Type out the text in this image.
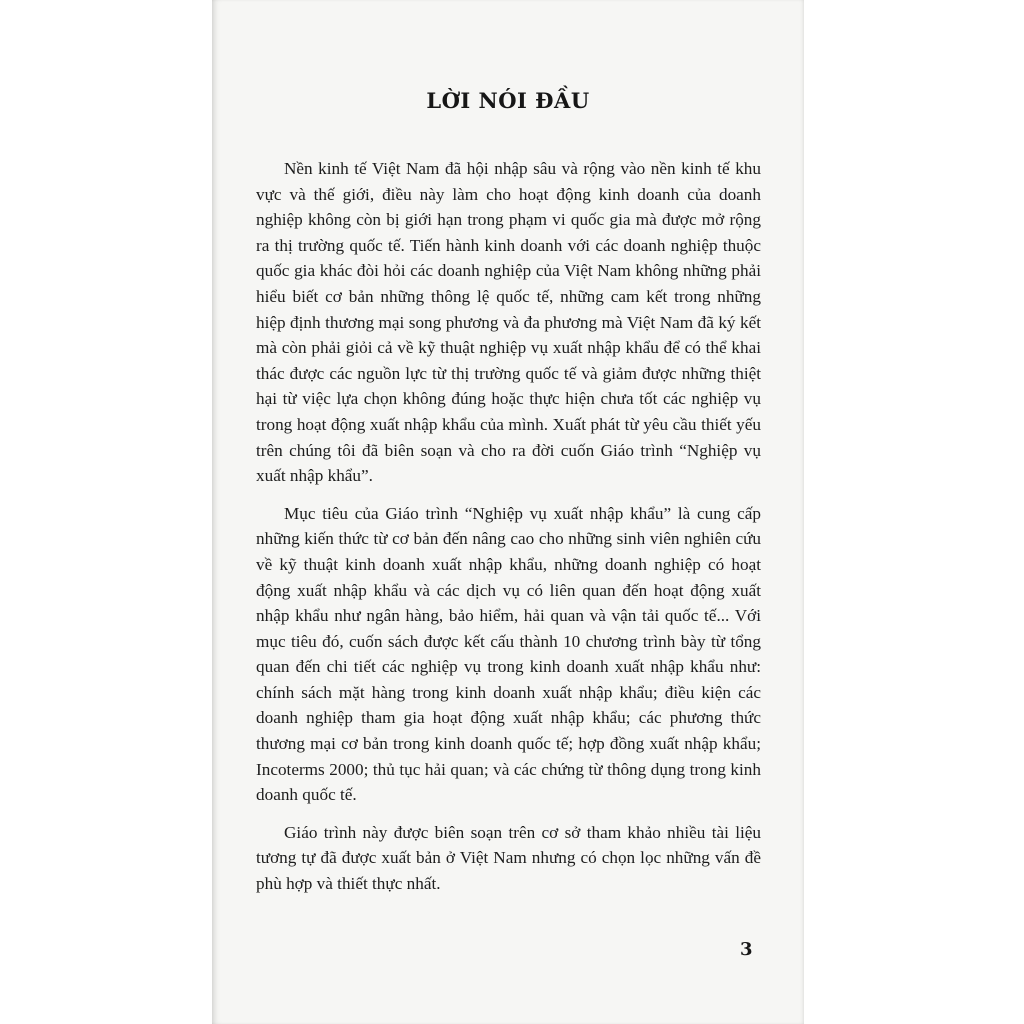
LỜI NÓI ĐẦU

Nền kinh tế Việt Nam đã hội nhập sâu và rộng vào nền kinh tế khu vực và thế giới, điều này làm cho hoạt động kinh doanh của doanh nghiệp không còn bị giới hạn trong phạm vi quốc gia mà được mở rộng ra thị trường quốc tế. Tiến hành kinh doanh với các doanh nghiệp thuộc quốc gia khác đòi hỏi các doanh nghiệp của Việt Nam không những phải hiểu biết cơ bản những thông lệ quốc tế, những cam kết trong những hiệp định thương mại song phương và đa phương mà Việt Nam đã ký kết mà còn phải giỏi cả về kỹ thuật nghiệp vụ xuất nhập khẩu để có thể khai thác được các nguồn lực từ thị trường quốc tế và giảm được những thiệt hại từ việc lựa chọn không đúng hoặc thực hiện chưa tốt các nghiệp vụ trong hoạt động xuất nhập khẩu của mình. Xuất phát từ yêu cầu thiết yếu trên chúng tôi đã biên soạn và cho ra đời cuốn Giáo trình “Nghiệp vụ xuất nhập khẩu”.

Mục tiêu của Giáo trình “Nghiệp vụ xuất nhập khẩu” là cung cấp những kiến thức từ cơ bản đến nâng cao cho những sinh viên nghiên cứu về kỹ thuật kinh doanh xuất nhập khẩu, những doanh nghiệp có hoạt động xuất nhập khẩu và các dịch vụ có liên quan đến hoạt động xuất nhập khẩu như ngân hàng, bảo hiểm, hải quan và vận tải quốc tế... Với mục tiêu đó, cuốn sách được kết cấu thành 10 chương trình bày từ tổng quan đến chi tiết các nghiệp vụ trong kinh doanh xuất nhập khẩu như: chính sách mặt hàng trong kinh doanh xuất nhập khẩu; điều kiện các doanh nghiệp tham gia hoạt động xuất nhập khẩu; các phương thức thương mại cơ bản trong kinh doanh quốc tế; hợp đồng xuất nhập khẩu; Incoterms 2000; thủ tục hải quan; và các chứng từ thông dụng trong kinh doanh quốc tế.

Giáo trình này được biên soạn trên cơ sở tham khảo nhiều tài liệu tương tự đã được xuất bản ở Việt Nam nhưng có chọn lọc những vấn đề phù hợp và thiết thực nhất.

3
